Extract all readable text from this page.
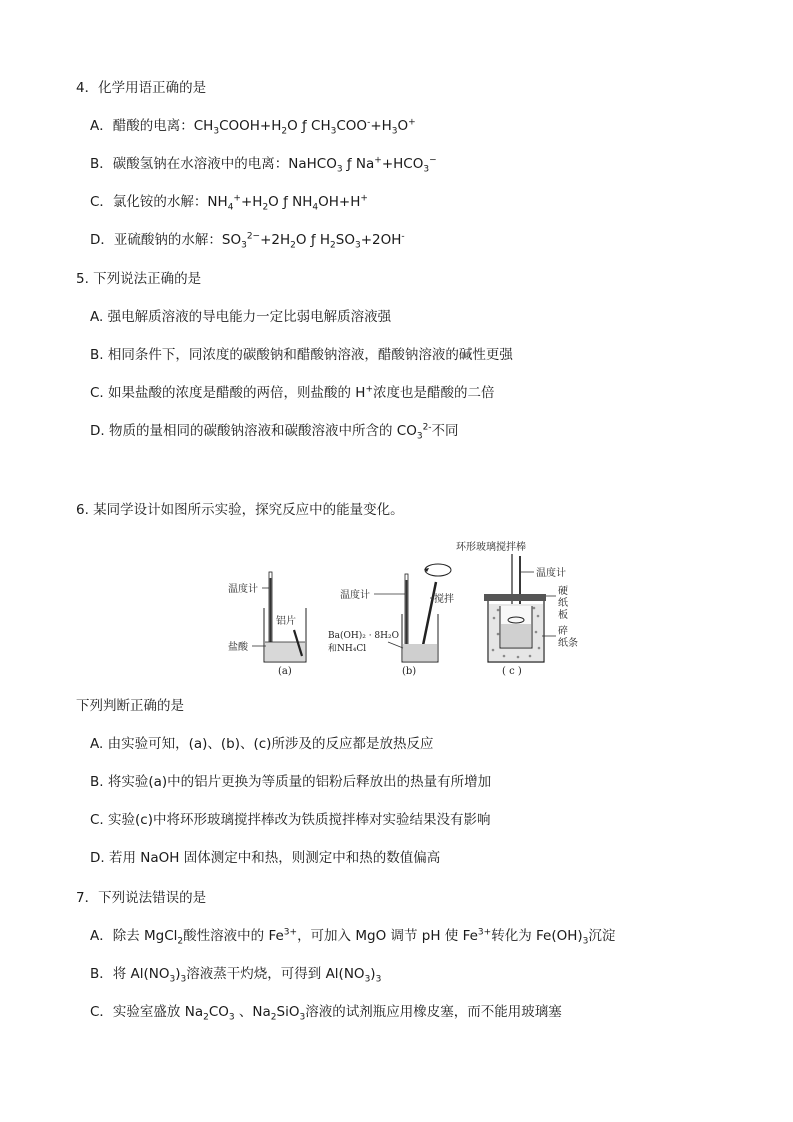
4．化学用语正确的是
A．醋酸的电离：$CH_3COOH+H_2O$ ƒ $CH_3COO^-+H_3O^+$
B．碳酸氢钠在水溶液中的电离：NaHCO$_3$ ƒ $Na^++HCO_3^-$
C．氯化铵的水解：$NH_4^++H_2O$ ƒ $NH_4OH+H^+$
D．亚硫酸钠的水解：$SO_3^{2-}+2H_2O$ ƒ $H_2SO_3+2OH^-$
5. 下列说法正确的是
A. 强电解质溶液的导电能力一定比弱电解质溶液强
B. 相同条件下，同浓度的碳酸钠和醋酸钠溶液，醋酸钠溶液的碱性更强
C. 如果盐酸的浓度是醋酸的两倍，则盐酸的 H+浓度也是醋酸的二倍
D. 物质的量相同的碳酸钠溶液和碳酸溶液中所含的 $CO_3^{2-}$不同
6. 某同学设计如图所示实验，探究反应中的能量变化。
温度计
铝片
盐酸
(a)
温度计	搅拌
Ba(OH)₂ · 8H₂O
和NH₄Cl
(b)
环形玻璃搅拌棒
温度计
硬
纸
板
碎
纸条
( c )
下列判断正确的是
A. 由实验可知，(a)、(b)、(c)所涉及的反应都是放热反应
B. 将实验(a)中的铝片更换为等质量的铝粉后释放出的热量有所增加
C. 实验(c)中将环形玻璃搅拌棒改为铁质搅拌棒对实验结果没有影响
D. 若用 NaOH 固体测定中和热，则测定中和热的数值偏高
7．下列说法错误的是
A．除去 MgCl$_2$酸性溶液中的 $Fe^{3+}$，可加入 MgO 调节 pH 使 $Fe^{3+}$转化为 $Fe(OH)_3$沉淀
B．将 $Al(NO_3)_3$溶液蒸干灼烧，可得到 $Al(NO_3)_3$
C．实验室盛放 $Na_2CO_3$ 、$Na_2SiO_3$溶液的试剂瓶应用橡皮塞，而不能用玻璃塞
